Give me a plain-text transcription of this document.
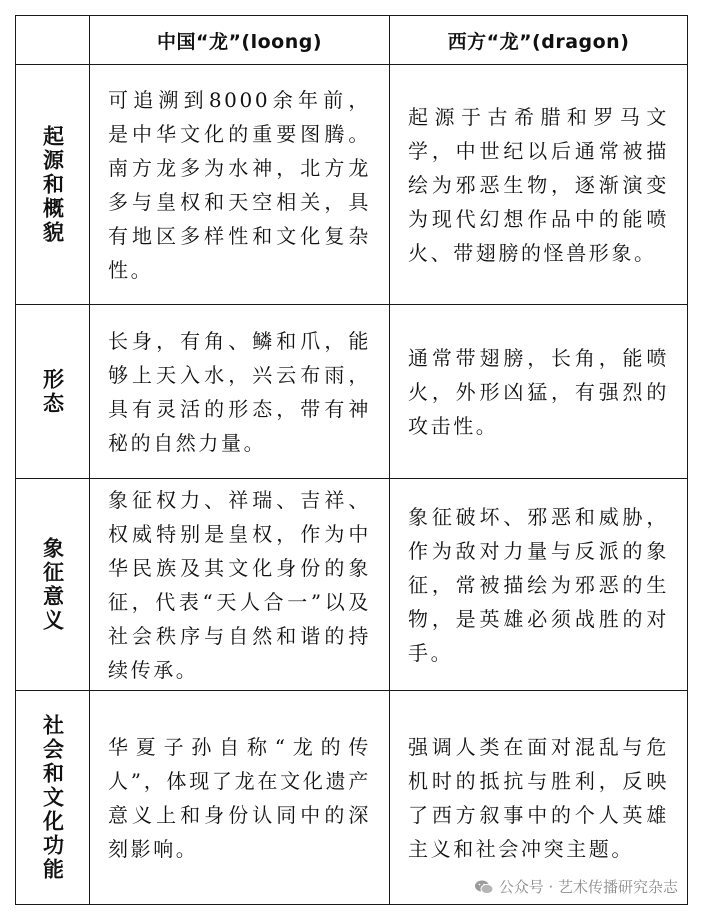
	中国“龙”(loong)	西方“龙”(dragon)
起源和概貌	可追溯到8000余年前，是中华文化的重要图腾。南方龙多为水神，北方龙多与皇权和天空相关，具有地区多样性和文化复杂性。	起源于古希腊和罗马文学，中世纪以后通常被描绘为邪恶生物，逐渐演变为现代幻想作品中的能喷火、带翅膀的怪兽形象。
形态	长身，有角、鳞和爪，能够上天入水，兴云布雨，具有灵活的形态，带有神秘的自然力量。	通常带翅膀，长角，能喷火，外形凶猛，有强烈的攻击性。
象征意义	象征权力、祥瑞、吉祥、权威特别是皇权，作为中华民族及其文化身份的象征，代表“天人合一”以及社会秩序与自然和谐的持续传承。	象征破坏、邪恶和威胁，作为敌对力量与反派的象征，常被描绘为邪恶的生物，是英雄必须战胜的对手。
社会和文化功能	华夏子孙自称“龙的传人”，体现了龙在文化遗产意义上和身份认同中的深刻影响。	强调人类在面对混乱与危机时的抵抗与胜利，反映了西方叙事中的个人英雄主义和社会冲突主题。
公众号 · 艺术传播研究杂志
